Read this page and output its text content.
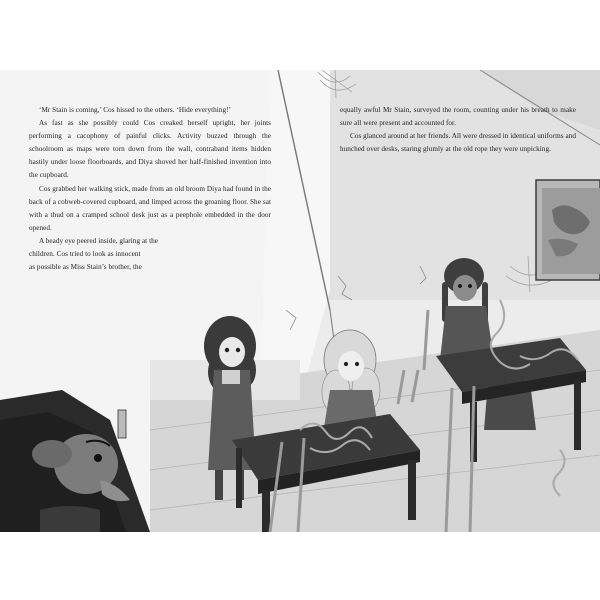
‘Mr Stain is coming,’ Cos hissed to the others. ‘Hide everything!’

As fast as she possibly could Cos creaked herself upright, her joints performing a cacophony of painful clicks. Activity buzzed through the schoolroom as maps were torn down from the wall, contraband items hidden hastily under loose floorboards, and Diya shoved her half-finished invention into the cupboard.

Cos grabbed her walking stick, made from an old broom Diya had found in the back of a cobweb-covered cupboard, and limped across the groaning floor. She sat with a thud on a cramped school desk just as a peephole embedded in the door opened.

A beady eye peered inside, glaring at the
children. Cos tried to look as innocent
as possible as Miss Stain’s brother, the

equally awful Mr Stain, surveyed the room, counting under his breath to make sure all were present and accounted for.

Cos glanced around at her friends. All were dressed in identical uniforms and hunched over desks, staring glumly at the old rope they were unpicking.
